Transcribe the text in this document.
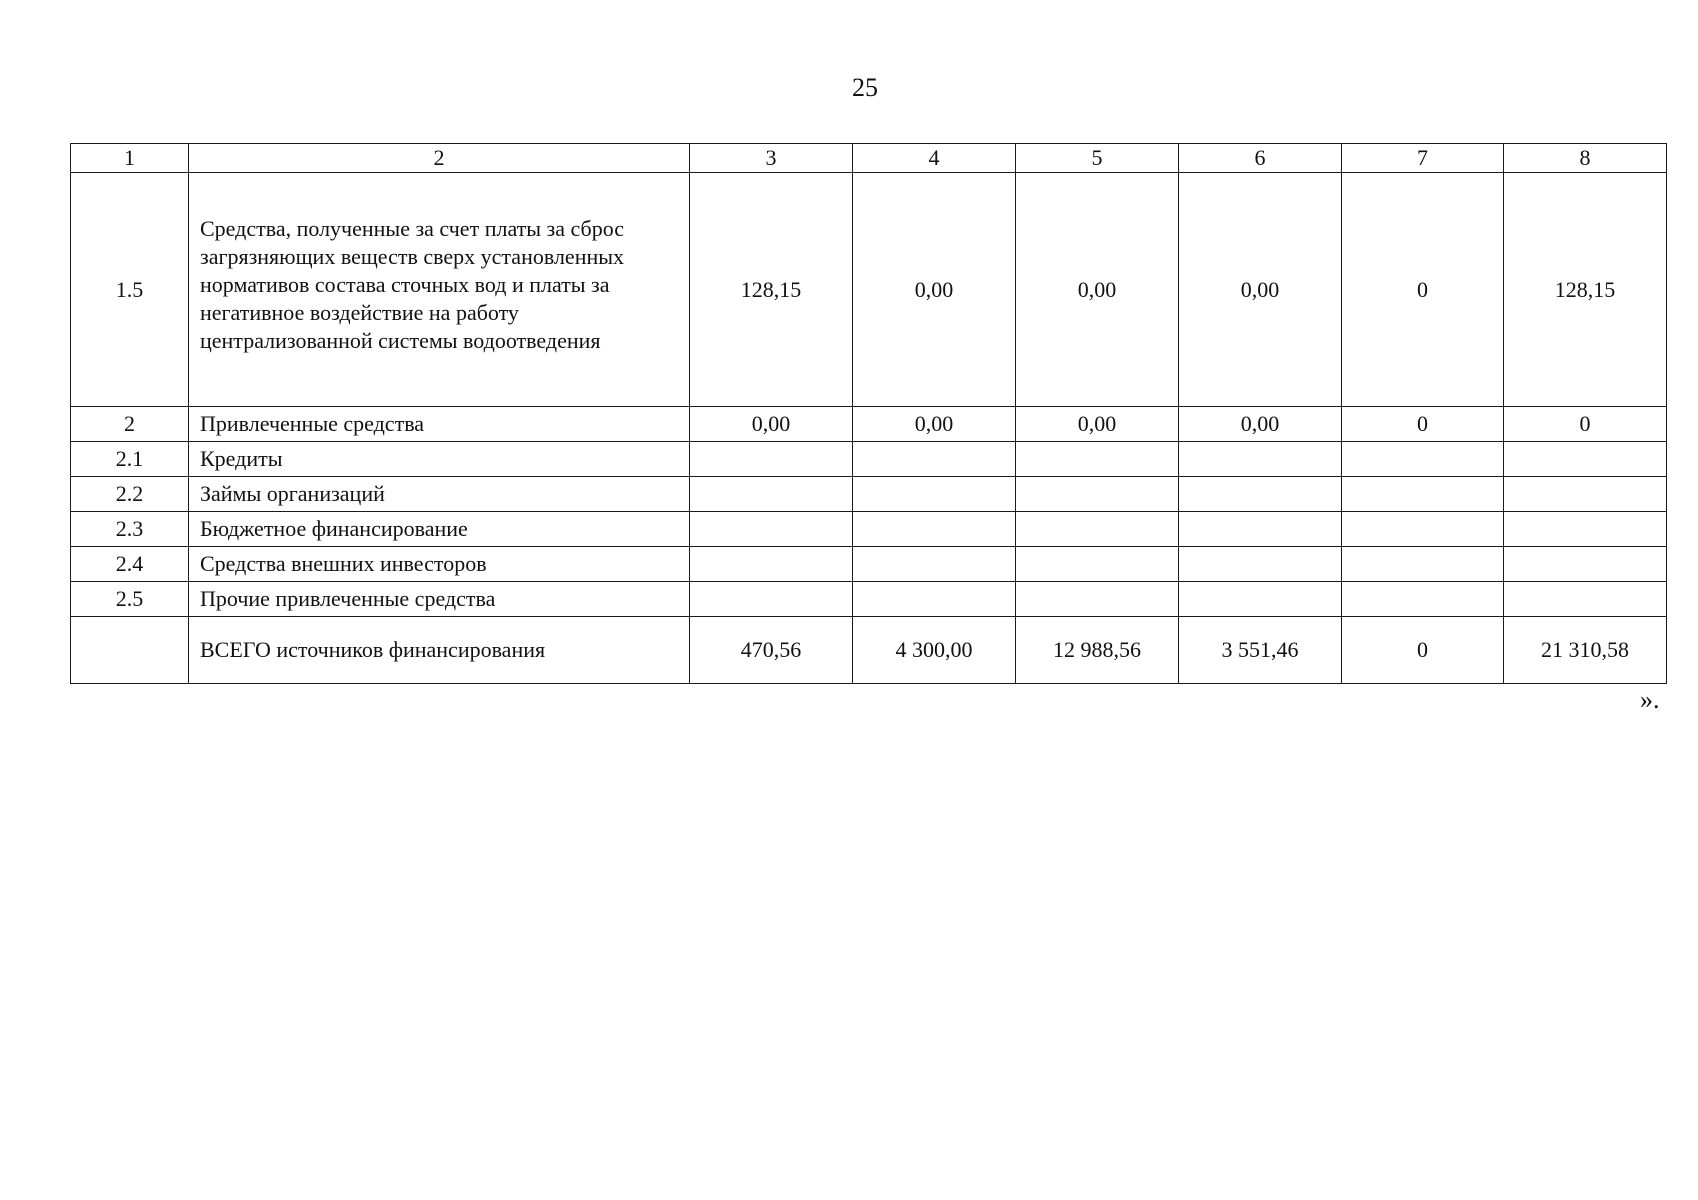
25
1	2	3	4	5	6	7	8
1.5	Средства, полученные за счет платы за сброс
загрязняющих веществ сверх установленных
нормативов состава сточных вод и платы за
негативное воздействие на работу
централизованной системы водоотведения	128,15	0,00	0,00	0,00	0	128,15
2	Привлеченные средства	0,00	0,00	0,00	0,00	0	0
2.1	Кредиты						
2.2	Займы организаций						
2.3	Бюджетное финансирование						
2.4	Средства внешних инвесторов						
2.5	Прочие привлеченные средства						
	ВСЕГО источников финансирования	470,56	4 300,00	12 988,56	3 551,46	0	21 310,58
».
